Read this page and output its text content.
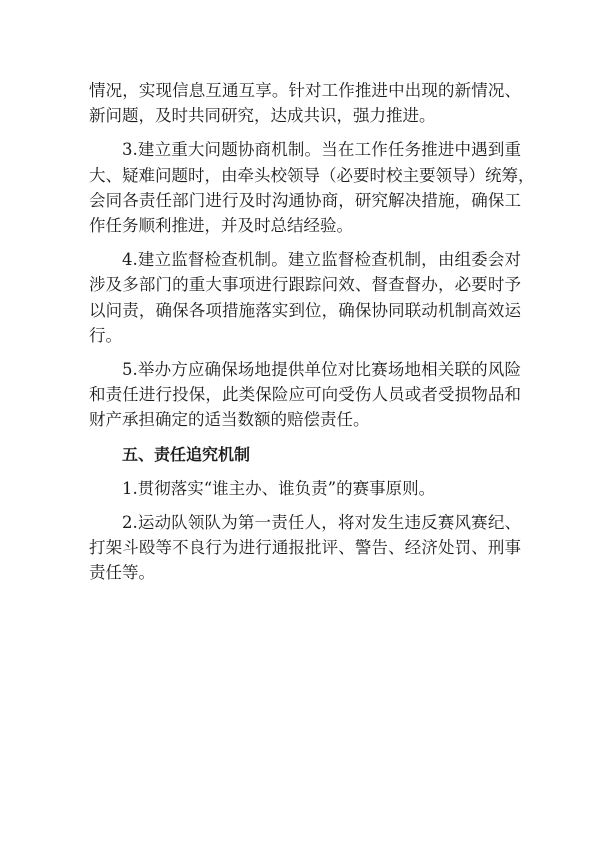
情况，实现信息互通互享。针对工作推进中出现的新情况、
新问题，及时共同研究，达成共识，强力推进。

3.建立重大问题协商机制。当在工作任务推进中遇到重
大、疑难问题时，由牵头校领导（必要时校主要领导）统筹，
会同各责任部门进行及时沟通协商，研究解决措施，确保工
作任务顺利推进，并及时总结经验。

4.建立监督检查机制。建立监督检查机制，由组委会对
涉及多部门的重大事项进行跟踪问效、督查督办，必要时予
以问责，确保各项措施落实到位，确保协同联动机制高效运
行。

5.举办方应确保场地提供单位对比赛场地相关联的风险
和责任进行投保，此类保险应可向受伤人员或者受损物品和
财产承担确定的适当数额的赔偿责任。

五、责任追究机制

1.贯彻落实“谁主办、谁负责”的赛事原则。

2.运动队领队为第一责任人，将对发生违反赛风赛纪、
打架斗殴等不良行为进行通报批评、警告、经济处罚、刑事
责任等。
